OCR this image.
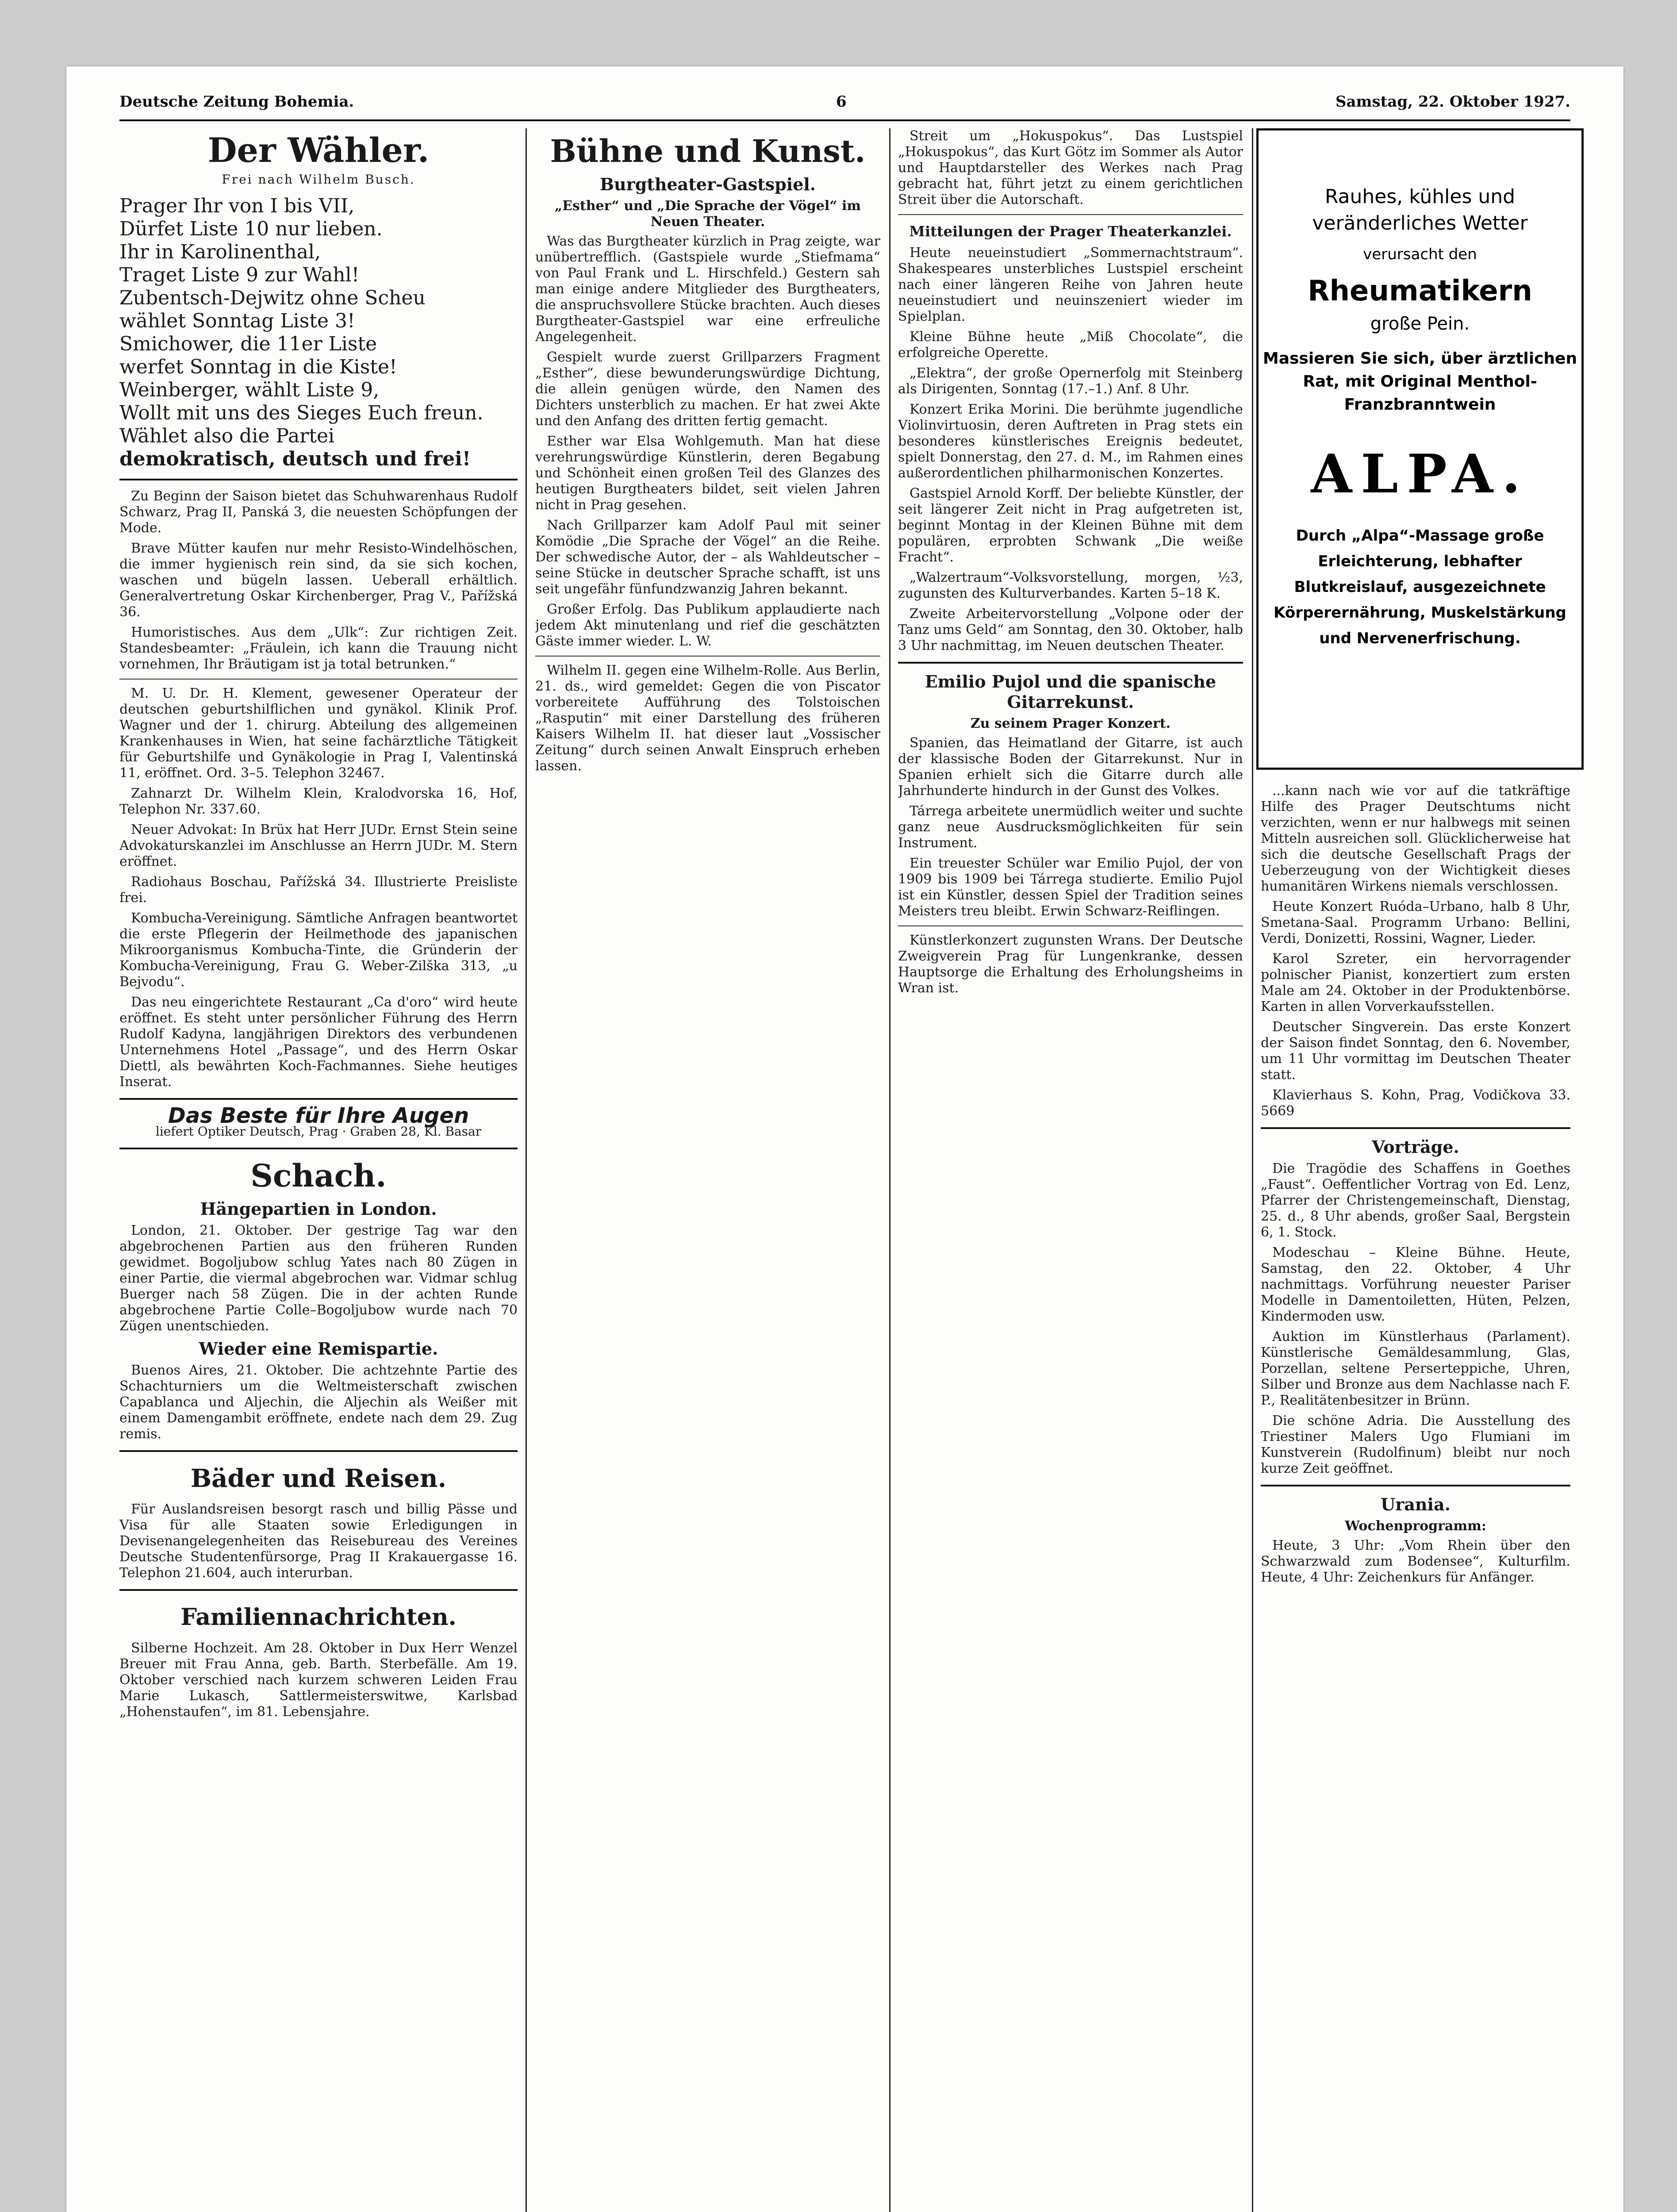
Deutsche Zeitung Bohemia.	6	Samstag, 22. Oktober 1927.
Der Wähler.
Frei nach Wilhelm Busch.
Prager Ihr von I bis VII,
Dürfet Liste 10 nur lieben.
Ihr in Karolinenthal,
Traget Liste 9 zur Wahl!
Zubentsch-Dejwitz ohne Scheu
wählet Sonntag Liste 3!
Smichower, die 11er Liste
werfet Sonntag in die Kiste!
Weinberger, wählt Liste 9,
Wollt mit uns des Sieges Euch freun.
Wählet also die Partei
demokratisch, deutsch und frei!

Zu Beginn der Saison bietet das Schuhwarenhaus Rudolf Schwarz, Prag II, Panská 3, die neuesten Schöpfungen der Mode.

Brave Mütter kaufen nur mehr Resisto-Windelhöschen, die immer hygienisch rein sind, da sie sich kochen, waschen und bügeln lassen. Ueberall erhältlich. Generalvertretung Oskar Kirchenberger, Prag V., Pařížská 36.

Humoristisches. Aus dem „Ulk“: Zur richtigen Zeit. Standesbeamter: „Fräulein, ich kann die Trauung nicht vornehmen, Ihr Bräutigam ist ja total betrunken.“

M. U. Dr. H. Klement, gewesener Operateur der deutschen geburtshilflichen und gynäkol. Klinik Prof. Wagner und der 1. chirurg. Abteilung des allgemeinen Krankenhauses in Wien, hat seine fachärztliche Tätigkeit für Geburtshilfe und Gynäkologie in Prag I, Valentinská 11, eröffnet. Ord. 3–5. Telephon 32467.

Zahnarzt Dr. Wilhelm Klein, Kralodvorska 16, Hof, Telephon Nr. 337.60.

Neuer Advokat: In Brüx hat Herr JUDr. Ernst Stein seine Advokaturskanzlei im Anschlusse an Herrn JUDr. M. Stern eröffnet.

Radiohaus Boschau, Pařížská 34. Illustrierte Preisliste frei.

Kombucha-Vereinigung. Sämtliche Anfragen beantwortet die erste Pflegerin der Heilmethode des japanischen Mikroorganismus Kombucha-Tinte, die Gründerin der Kombucha-Vereinigung, Frau G. Weber-Zilška 313, „u Bejvodu“.

Das neu eingerichtete Restaurant „Ca d'oro“ wird heute eröffnet. Es steht unter persönlicher Führung des Herrn Rudolf Kadyna, langjährigen Direktors des verbundenen Unternehmens Hotel „Passage“, und des Herrn Oskar Diettl, als bewährten Koch-Fachmannes. Siehe heutiges Inserat.

Das Beste für Ihre Augen
liefert Optiker Deutsch, Prag · Graben 28, Kl. Basar
Schach.
Hängepartien in London.

London, 21. Oktober. Der gestrige Tag war den abgebrochenen Partien aus den früheren Runden gewidmet. Bogoljubow schlug Yates nach 80 Zügen in einer Partie, die viermal abgebrochen war. Vidmar schlug Buerger nach 58 Zügen. Die in der achten Runde abgebrochene Partie Colle–Bogoljubow wurde nach 70 Zügen unentschieden.

Wieder eine Remispartie.

Buenos Aires, 21. Oktober. Die achtzehnte Partie des Schachturniers um die Weltmeisterschaft zwischen Capablanca und Aljechin, die Aljechin als Weißer mit einem Damengambit eröffnete, endete nach dem 29. Zug remis.

Bäder und Reisen.

Für Auslandsreisen besorgt rasch und billig Pässe und Visa für alle Staaten sowie Erledigungen in Devisenangelegenheiten das Reisebureau des Vereines Deutsche Studentenfürsorge, Prag II Krakauergasse 16. Telephon 21.604, auch interurban.

Familiennachrichten.

Silberne Hochzeit. Am 28. Oktober in Dux Herr Wenzel Breuer mit Frau Anna, geb. Barth. Sterbefälle. Am 19. Oktober verschied nach kurzem schweren Leiden Frau Marie Lukasch, Sattlermeisterswitwe, Karlsbad „Hohenstaufen“, im 81. Lebensjahre.

Bühne und Kunst.
Burgtheater-Gastspiel.
„Esther“ und „Die Sprache der Vögel“ im Neuen Theater.

Was das Burgtheater kürzlich in Prag zeigte, war unübertrefflich. (Gastspiele wurde „Stiefmama“ von Paul Frank und L. Hirschfeld.) Gestern sah man einige andere Mitglieder des Burgtheaters, die anspruchsvollere Stücke brachten. Auch dieses Burgtheater-Gastspiel war eine erfreuliche Angelegenheit.

Gespielt wurde zuerst Grillparzers Fragment „Esther“, diese bewunderungswürdige Dichtung, die allein genügen würde, den Namen des Dichters unsterblich zu machen. Er hat zwei Akte und den Anfang des dritten fertig gemacht.

Esther war Elsa Wohlgemuth. Man hat diese verehrungswürdige Künstlerin, deren Begabung und Schönheit einen großen Teil des Glanzes des heutigen Burgtheaters bildet, seit vielen Jahren nicht in Prag gesehen.

Nach Grillparzer kam Adolf Paul mit seiner Komödie „Die Sprache der Vögel“ an die Reihe. Der schwedische Autor, der – als Wahldeutscher – seine Stücke in deutscher Sprache schafft, ist uns seit ungefähr fünfundzwanzig Jahren bekannt.

Großer Erfolg. Das Publikum applaudierte nach jedem Akt minutenlang und rief die geschätzten Gäste immer wieder. L. W.

Wilhelm II. gegen eine Wilhelm-Rolle. Aus Berlin, 21. ds., wird gemeldet: Gegen die von Piscator vorbereitete Aufführung des Tolstoischen „Rasputin“ mit einer Darstellung des früheren Kaisers Wilhelm II. hat dieser laut „Vossischer Zeitung“ durch seinen Anwalt Einspruch erheben lassen.

Streit um „Hokuspokus“. Das Lustspiel „Hokuspokus“, das Kurt Götz im Sommer als Autor und Hauptdarsteller des Werkes nach Prag gebracht hat, führt jetzt zu einem gerichtlichen Streit über die Autorschaft.

Mitteilungen der Prager Theaterkanzlei.

Heute neueinstudiert „Sommernachtstraum“. Shakespeares unsterbliches Lustspiel erscheint nach einer längeren Reihe von Jahren heute neueinstudiert und neuinszeniert wieder im Spielplan.

Kleine Bühne heute „Miß Chocolate“, die erfolgreiche Operette.

„Elektra“, der große Opernerfolg mit Steinberg als Dirigenten, Sonntag (17.–1.) Anf. 8 Uhr.

Konzert Erika Morini. Die berühmte jugendliche Violinvirtuosin, deren Auftreten in Prag stets ein besonderes künstlerisches Ereignis bedeutet, spielt Donnerstag, den 27. d. M., im Rahmen eines außerordentlichen philharmonischen Konzertes.

Gastspiel Arnold Korff. Der beliebte Künstler, der seit längerer Zeit nicht in Prag aufgetreten ist, beginnt Montag in der Kleinen Bühne mit dem populären, erprobten Schwank „Die weiße Fracht“.

„Walzertraum“-Volksvorstellung, morgen, ½3, zugunsten des Kulturverbandes. Karten 5–18 K.

Zweite Arbeitervorstellung „Volpone oder der Tanz ums Geld“ am Sonntag, den 30. Oktober, halb 3 Uhr nachmittag, im Neuen deutschen Theater.

Emilio Pujol und die spanische Gitarrekunst.
Zu seinem Prager Konzert.

Spanien, das Heimatland der Gitarre, ist auch der klassische Boden der Gitarrekunst. Nur in Spanien erhielt sich die Gitarre durch alle Jahrhunderte hindurch in der Gunst des Volkes.

Tárrega arbeitete unermüdlich weiter und suchte ganz neue Ausdrucksmöglichkeiten für sein Instrument.

Ein treuester Schüler war Emilio Pujol, der von 1909 bis 1909 bei Tárrega studierte. Emilio Pujol ist ein Künstler, dessen Spiel der Tradition seines Meisters treu bleibt. Erwin Schwarz-Reiflingen.

Künstlerkonzert zugunsten Wrans. Der Deutsche Zweigverein Prag für Lungenkranke, dessen Hauptsorge die Erhaltung des Erholungsheims in Wran ist.

Rauhes, kühles und veränderliches Wetter
verursacht den
Rheumatikern
große Pein.
Massieren Sie sich, über ärztlichen Rat, mit Original Menthol-Franzbranntwein
ALPA.
Durch „Alpa“-Massage große Erleichterung, lebhafter Blutkreislauf, ausgezeichnete Körperernährung, Muskelstärkung und Nervenerfrischung.

...kann nach wie vor auf die tatkräftige Hilfe des Prager Deutschtums nicht verzichten, wenn er nur halbwegs mit seinen Mitteln ausreichen soll. Glücklicherweise hat sich die deutsche Gesellschaft Prags der Ueberzeugung von der Wichtigkeit dieses humanitären Wirkens niemals verschlossen.

Heute Konzert Ruóda–Urbano, halb 8 Uhr, Smetana-Saal. Programm Urbano: Bellini, Verdi, Donizetti, Rossini, Wagner, Lieder.

Karol Szreter, ein hervorragender polnischer Pianist, konzertiert zum ersten Male am 24. Oktober in der Produktenbörse. Karten in allen Vorverkaufsstellen.

Deutscher Singverein. Das erste Konzert der Saison findet Sonntag, den 6. November, um 11 Uhr vormittag im Deutschen Theater statt.

Klavierhaus S. Kohn, Prag, Vodičkova 33. 5669

Vorträge.

Die Tragödie des Schaffens in Goethes „Faust“. Oeffentlicher Vortrag von Ed. Lenz, Pfarrer der Christengemeinschaft, Dienstag, 25. d., 8 Uhr abends, großer Saal, Bergstein 6, 1. Stock.

Modeschau – Kleine Bühne. Heute, Samstag, den 22. Oktober, 4 Uhr nachmittags. Vorführung neuester Pariser Modelle in Damentoiletten, Hüten, Pelzen, Kindermoden usw.

Auktion im Künstlerhaus (Parlament). Künstlerische Gemäldesammlung, Glas, Porzellan, seltene Perserteppiche, Uhren, Silber und Bronze aus dem Nachlasse nach F. P., Realitätenbesitzer in Brünn.

Die schöne Adria. Die Ausstellung des Triestiner Malers Ugo Flumiani im Kunstverein (Rudolfinum) bleibt nur noch kurze Zeit geöffnet.

Urania.
Wochenprogramm:

Heute, 3 Uhr: „Vom Rhein über den Schwarzwald zum Bodensee“, Kulturfilm. Heute, 4 Uhr: Zeichenkurs für Anfänger.
